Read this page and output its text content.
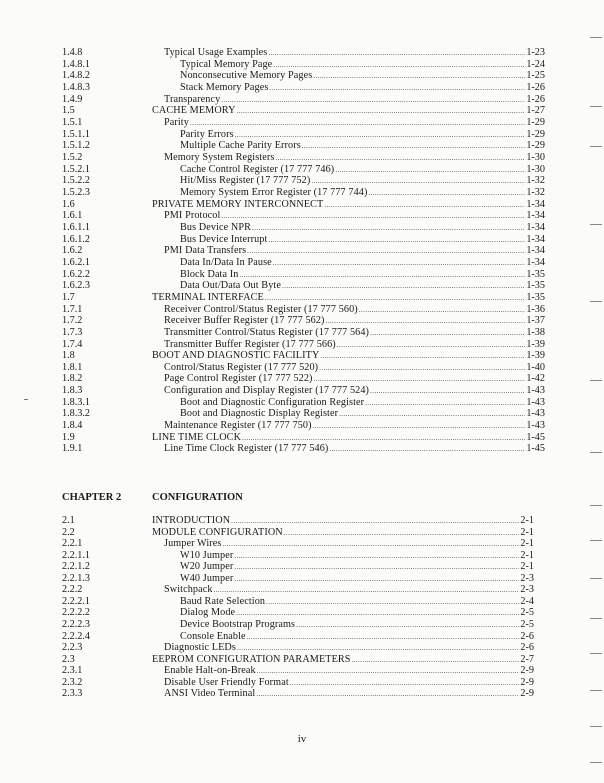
1.4.8	Typical Usage Examples .....	1-23
1.4.8.1	Typical Memory Page .....	1-24
1.4.8.2	Nonconsecutive Memory Pages .....	1-25
1.4.8.3	Stack Memory Pages .....	1-26
1.4.9	Transparency .....	1-26
1.5	CACHE MEMORY .....	1-27
1.5.1	Parity .....	1-29
1.5.1.1	Parity Errors .....	1-29
1.5.1.2	Multiple Cache Parity Errors .....	1-29
1.5.2	Memory System Registers .....	1-30
1.5.2.1	Cache Control Register (17 777 746) .....	1-30
1.5.2.2	Hit/Miss Register (17 777 752) .....	1-32
1.5.2.3	Memory System Error Register (17 777 744) .....	1-32
1.6	PRIVATE MEMORY INTERCONNECT .....	1-34
1.6.1	PMI Protocol .....	1-34
1.6.1.1	Bus Device NPR .....	1-34
1.6.1.2	Bus Device Interrupt .....	1-34
1.6.2	PMI Data Transfers .....	1-34
1.6.2.1	Data In/Data In Pause .....	1-34
1.6.2.2	Block Data In .....	1-35
1.6.2.3	Data Out/Data Out Byte .....	1-35
1.7	TERMINAL INTERFACE .....	1-35
1.7.1	Receiver Control/Status Register (17 777 560) .....	1-36
1.7.2	Receiver Buffer Register (17 777 562) .....	1-37
1.7.3	Transmitter Control/Status Register (17 777 564) .....	1-38
1.7.4	Transmitter Buffer Register (17 777 566) .....	1-39
1.8	BOOT AND DIAGNOSTIC FACILITY .....	1-39
1.8.1	Control/Status Register (17 777 520) .....	1-40
1.8.2	Page Control Register (17 777 522) .....	1-42
1.8.3	Configuration and Display Register (17 777 524) .....	1-43
1.8.3.1	Boot and Diagnostic Configuration Register .....	1-43
1.8.3.2	Boot and Diagnostic Display Register .....	1-43
1.8.4	Maintenance Register (17 777 750) .....	1-43
1.9	LINE TIME CLOCK .....	1-45
1.9.1	Line Time Clock Register (17 777 546) .....	1-45
CHAPTER 2	CONFIGURATION
2.1	INTRODUCTION .....	2-1
2.2	MODULE CONFIGURATION .....	2-1
2.2.1	Jumper Wires .....	2-1
2.2.1.1	W10 Jumper .....	2-1
2.2.1.2	W20 Jumper .....	2-1
2.2.1.3	W40 Jumper .....	2-3
2.2.2	Switchpack .....	2-3
2.2.2.1	Baud Rate Selection .....	2-4
2.2.2.2	Dialog Mode .....	2-5
2.2.2.3	Device Bootstrap Programs .....	2-5
2.2.2.4	Console Enable .....	2-6
2.2.3	Diagnostic LEDs .....	2-6
2.3	EEPROM CONFIGURATION PARAMETERS .....	2-7
2.3.1	Enable Halt-on-Break .....	2-9
2.3.2	Disable User Friendly Format .....	2-9
2.3.3	ANSI Video Terminal .....	2-9
iv
